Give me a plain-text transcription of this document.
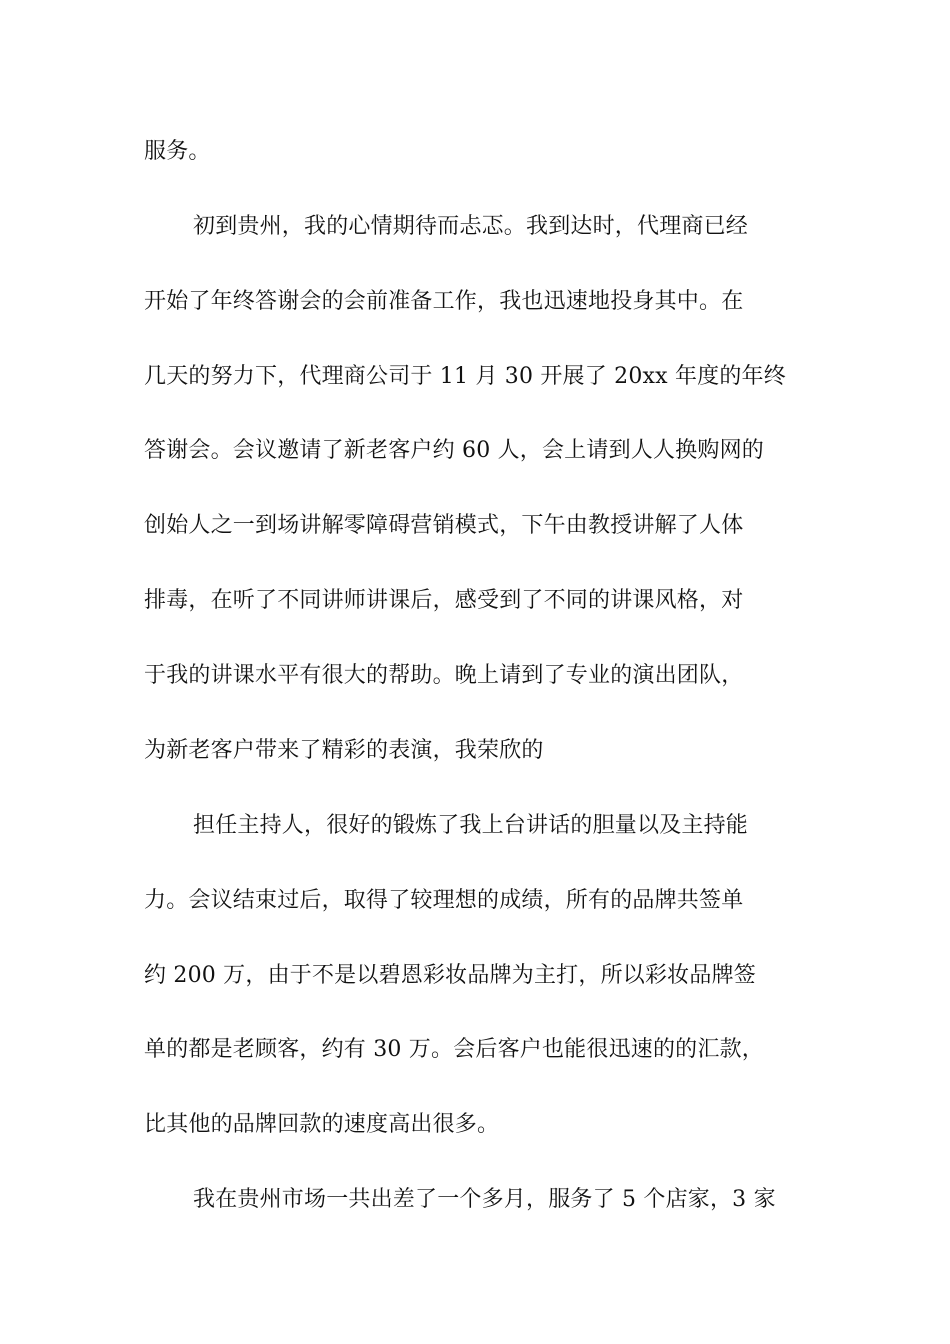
服务。
初到贵州，我的心情期待而忐忑。我到达时，代理商已经
开始了年终答谢会的会前准备工作，我也迅速地投身其中。在
几天的努力下，代理商公司于 11 月 30 开展了 20xx 年度的年终
答谢会。会议邀请了新老客户约 60 人，会上请到人人换购网的
创始人之一到场讲解零障碍营销模式，下午由教授讲解了人体
排毒，在听了不同讲师讲课后，感受到了不同的讲课风格，对
于我的讲课水平有很大的帮助。晚上请到了专业的演出团队，
为新老客户带来了精彩的表演，我荣欣的
担任主持人，很好的锻炼了我上台讲话的胆量以及主持能
力。会议结束过后，取得了较理想的成绩，所有的品牌共签单
约 200 万，由于不是以碧恩彩妆品牌为主打，所以彩妆品牌签
单的都是老顾客，约有 30 万。会后客户也能很迅速的的汇款，
比其他的品牌回款的速度高出很多。
我在贵州市场一共出差了一个多月，服务了 5 个店家，3 家
